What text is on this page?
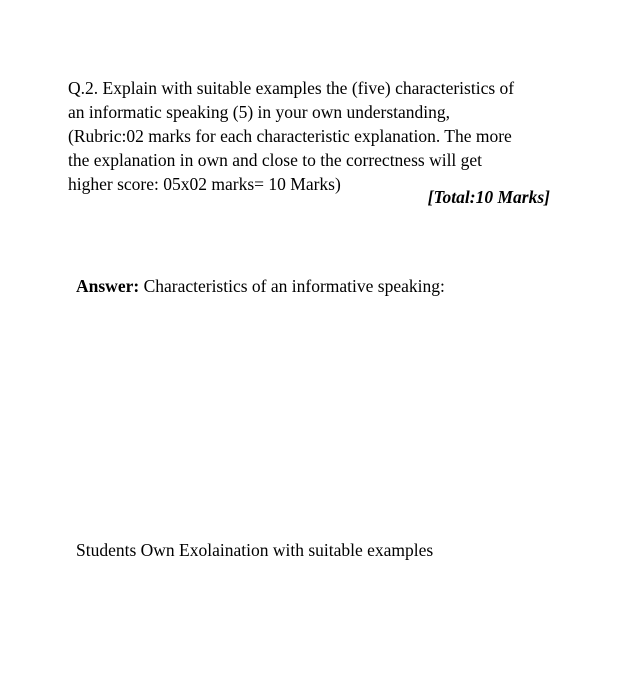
Q.2. Explain with suitable examples the (five) characteristics of
an informatic speaking (5) in your own understanding,
(Rubric:02 marks for each characteristic explanation. The more
the explanation in own and close to the correctness will get
higher score: 05x02 marks= 10 Marks)
[Total:10 Marks]
Answer: Characteristics of an informative speaking:
Students Own Exolaination with suitable examples
